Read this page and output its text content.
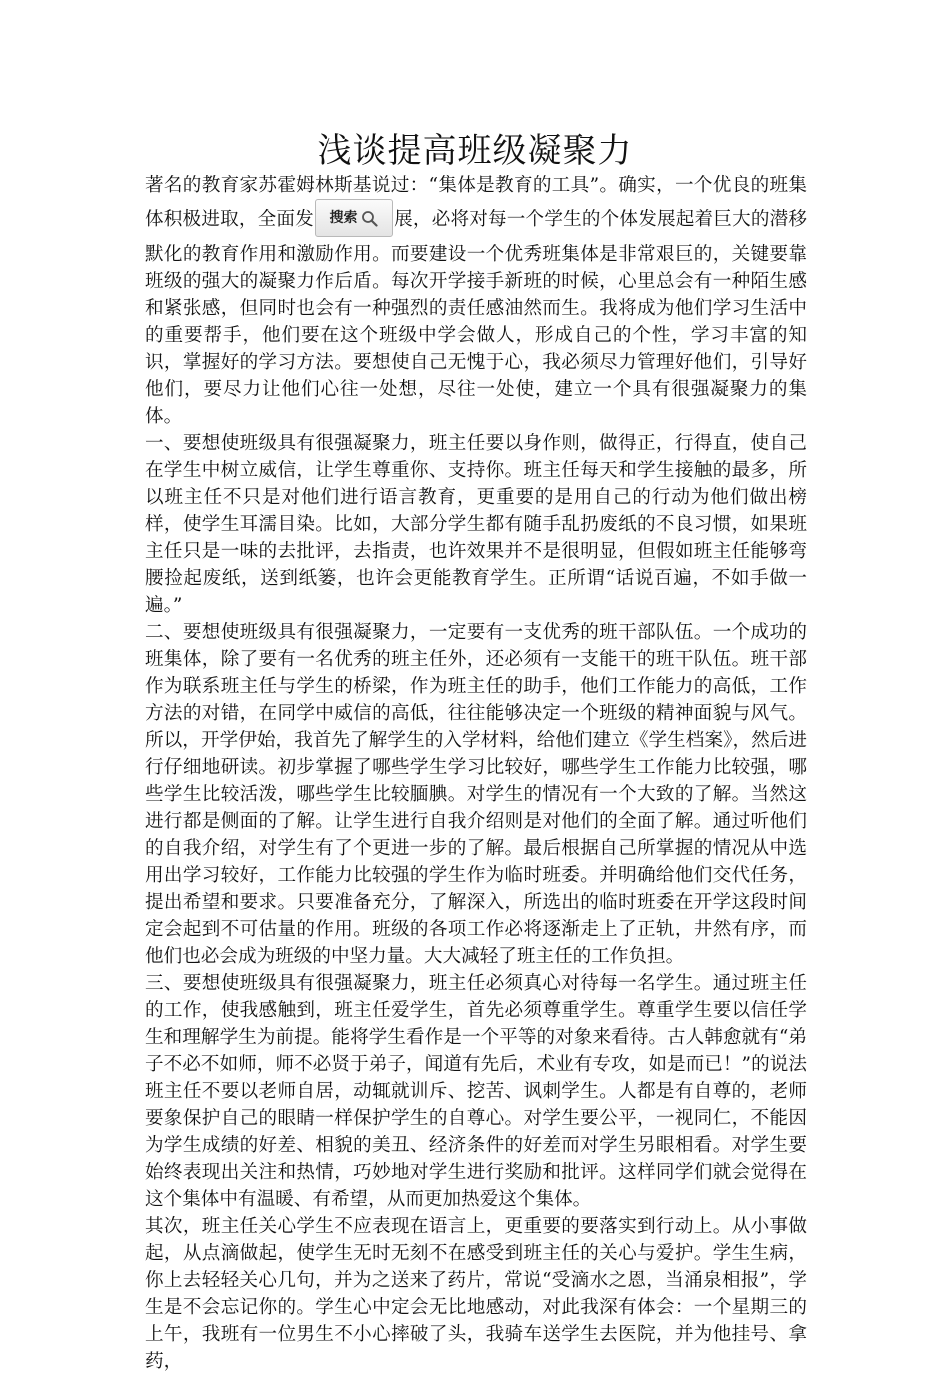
浅谈提高班级凝聚力

著名的教育家苏霍姆林斯基说过：“集体是教育的工具”。确实，一个优良的班集体积极进取，全面发 搜索 展，必将对每一个学生的个体发展起着巨大的潜移默化的教育作用和激励作用。而要建设一个优秀班集体是非常艰巨的，关键要靠班级的强大的凝聚力作后盾。每次开学接手新班的时候，心里总会有一种陌生感和紧张感，但同时也会有一种强烈的责任感油然而生。我将成为他们学习生活中的重要帮手，他们要在这个班级中学会做人，形成自己的个性，学习丰富的知识，掌握好的学习方法。要想使自己无愧于心，我必须尽力管理好他们，引导好他们，要尽力让他们心往一处想，尽往一处使，建立一个具有很强凝聚力的集体。

一、要想使班级具有很强凝聚力，班主任要以身作则，做得正，行得直，使自己在学生中树立威信，让学生尊重你、支持你。班主任每天和学生接触的最多，所以班主任不只是对他们进行语言教育，更重要的是用自己的行动为他们做出榜样，使学生耳濡目染。比如，大部分学生都有随手乱扔废纸的不良习惯，如果班主任只是一味的去批评，去指责，也许效果并不是很明显，但假如班主任能够弯腰捡起废纸，送到纸篓，也许会更能教育学生。正所谓“话说百遍，不如手做一遍。”

二、要想使班级具有很强凝聚力，一定要有一支优秀的班干部队伍。一个成功的班集体，除了要有一名优秀的班主任外，还必须有一支能干的班干队伍。班干部作为联系班主任与学生的桥梁，作为班主任的助手，他们工作能力的高低，工作方法的对错，在同学中威信的高低，往往能够决定一个班级的精神面貌与风气。所以，开学伊始，我首先了解学生的入学材料，给他们建立《学生档案》，然后进行仔细地研读。初步掌握了哪些学生学习比较好，哪些学生工作能力比较强，哪些学生比较活泼，哪些学生比较腼腆。对学生的情况有一个大致的了解。当然这进行都是侧面的了解。让学生进行自我介绍则是对他们的全面了解。通过听他们的自我介绍，对学生有了个更进一步的了解。最后根据自己所掌握的情况从中选用出学习较好，工作能力比较强的学生作为临时班委。并明确给他们交代任务，提出希望和要求。只要准备充分，了解深入，所选出的临时班委在开学这段时间定会起到不可估量的作用。班级的各项工作必将逐渐走上了正轨，井然有序，而他们也必会成为班级的中坚力量。大大减轻了班主任的工作负担。

三、要想使班级具有很强凝聚力，班主任必须真心对待每一名学生。通过班主任的工作，使我感触到，班主任爱学生，首先必须尊重学生。尊重学生要以信任学生和理解学生为前提。能将学生看作是一个平等的对象来看待。古人韩愈就有“弟子不必不如师，师不必贤于弟子，闻道有先后，术业有专攻，如是而已！”的说法班主任不要以老师自居，动辄就训斥、挖苦、讽刺学生。人都是有自尊的，老师要象保护自己的眼睛一样保护学生的自尊心。对学生要公平，一视同仁，不能因为学生成绩的好差、相貌的美丑、经济条件的好差而对学生另眼相看。对学生要始终表现出关注和热情，巧妙地对学生进行奖励和批评。这样同学们就会觉得在这个集体中有温暖、有希望，从而更加热爱这个集体。

其次，班主任关心学生不应表现在语言上，更重要的要落实到行动上。从小事做起，从点滴做起，使学生无时无刻不在感受到班主任的关心与爱护。学生生病，你上去轻轻关心几句，并为之送来了药片，常说“受滴水之恩，当涌泉相报”，学生是不会忘记你的。学生心中定会无比地感动，对此我深有体会：一个星期三的上午，我班有一位男生不小心摔破了头，我骑车送学生去医院，并为他挂号、拿药，
